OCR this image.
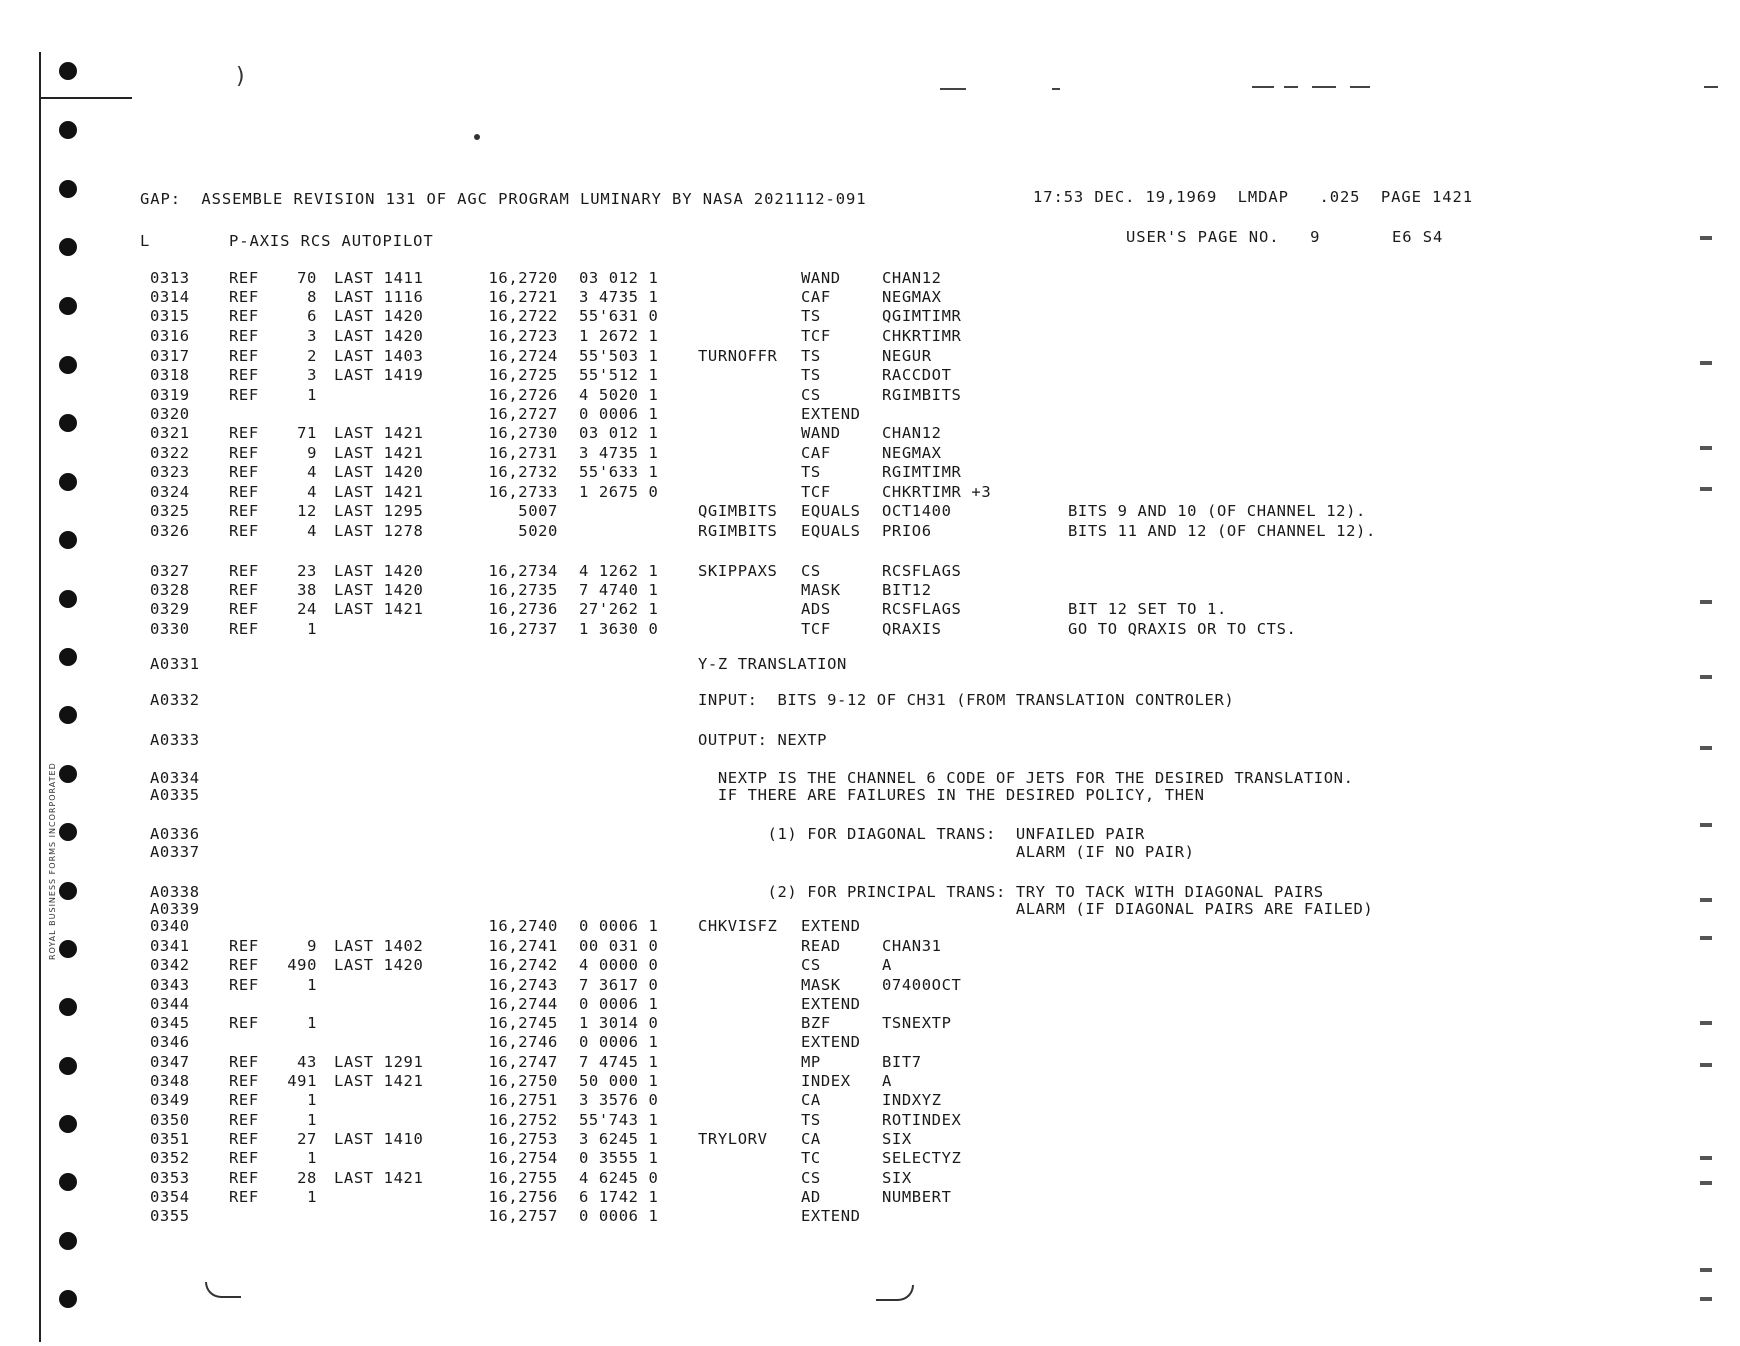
ROYAL BUSINESS FORMS INCORPORATED
)
GAP:  ASSEMBLE REVISION 131 OF AGC PROGRAM LUMINARY BY NASA 2021112-091	17:53 DEC. 19,1969  LMDAP   .025  PAGE 1421
L	P-AXIS RCS AUTOPILOT	USER'S PAGE NO.   9       E6 S4
0313	REF	70 LAST 1411	16,2720 03 012 1	WAND	CHAN12
0314	REF	8 LAST 1116	16,2721 3 4735 1	CAF	NEGMAX
0315	REF	6 LAST 1420	16,2722 55'631 0	TS	QGIMTIMR
0316	REF	3 LAST 1420	16,2723 1 2672 1	TCF	CHKRTIMR
0317	REF	2 LAST 1403	16,2724 55'503 1	TURNOFFR TS	NEGUR
0318	REF	3 LAST 1419	16,2725 55'512 1	TS	RACCDOT
0319	REF	1	16,2726 4 5020 1	CS	RGIMBITS
0320	16,2727 0 0006 1	EXTEND
0321	REF	71 LAST 1421	16,2730 03 012 1	WAND	CHAN12
0322	REF	9 LAST 1421	16,2731 3 4735 1	CAF	NEGMAX
0323	REF	4 LAST 1420	16,2732 55'633 1	TS	RGIMTIMR
0324	REF	4 LAST 1421	16,2733 1 2675 0	TCF	CHKRTIMR +3
0325	REF	12 LAST 1295	5007	QGIMBITS EQUALS OCT1400	BITS 9 AND 10 (OF CHANNEL 12).
0326	REF	4 LAST 1278	5020	RGIMBITS EQUALS PRIO6	BITS 11 AND 12 (OF CHANNEL 12).
0327	REF	23 LAST 1420	16,2734 4 1262 1	SKIPPAXS CS	RCSFLAGS
0328	REF	38 LAST 1420	16,2735 7 4740 1	MASK	BIT12
0329	REF	24 LAST 1421	16,2736 27'262 1	ADS	RCSFLAGS	BIT 12 SET TO 1.
0330	REF	1	16,2737 1 3630 0	TCF	QRAXIS	GO TO QRAXIS OR TO CTS.
A0331	Y-Z TRANSLATION
A0332	INPUT:  BITS 9-12 OF CH31 (FROM TRANSLATION CONTROLER)
A0333	OUTPUT: NEXTP
A0334	NEXTP IS THE CHANNEL 6 CODE OF JETS FOR THE DESIRED TRANSLATION.
A0335	IF THERE ARE FAILURES IN THE DESIRED POLICY, THEN
A0336	(1) FOR DIAGONAL TRANS:  UNFAILED PAIR
A0337	ALARM (IF NO PAIR)
A0338	(2) FOR PRINCIPAL TRANS: TRY TO TACK WITH DIAGONAL PAIRS
A0339	ALARM (IF DIAGONAL PAIRS ARE FAILED)
0340	16,2740 0 0006 1	CHKVISFZ EXTEND
0341	REF	9 LAST 1402	16,2741 00 031 0	READ	CHAN31
0342	REF	490 LAST 1420	16,2742 4 0000 0	CS	A
0343	REF	1	16,2743 7 3617 0	MASK	07400OCT
0344	16,2744 0 0006 1	EXTEND
0345	REF	1	16,2745 1 3014 0	BZF	TSNEXTP
0346	16,2746 0 0006 1	EXTEND
0347	REF	43 LAST 1291	16,2747 7 4745 1	MP	BIT7
0348	REF	491 LAST 1421	16,2750 50 000 1	INDEX A
0349	REF	1	16,2751 3 3576 0	CA	INDXYZ
0350	REF	1	16,2752 55'743 1	TS	ROTINDEX
0351	REF	27 LAST 1410	16,2753 3 6245 1	TRYLORV CA	SIX
0352	REF	1	16,2754 0 3555 1	TC	SELECTYZ
0353	REF	28 LAST 1421	16,2755 4 6245 0	CS	SIX
0354	REF	1	16,2756 6 1742 1	AD	NUMBERT
0355	16,2757 0 0006 1	EXTEND
